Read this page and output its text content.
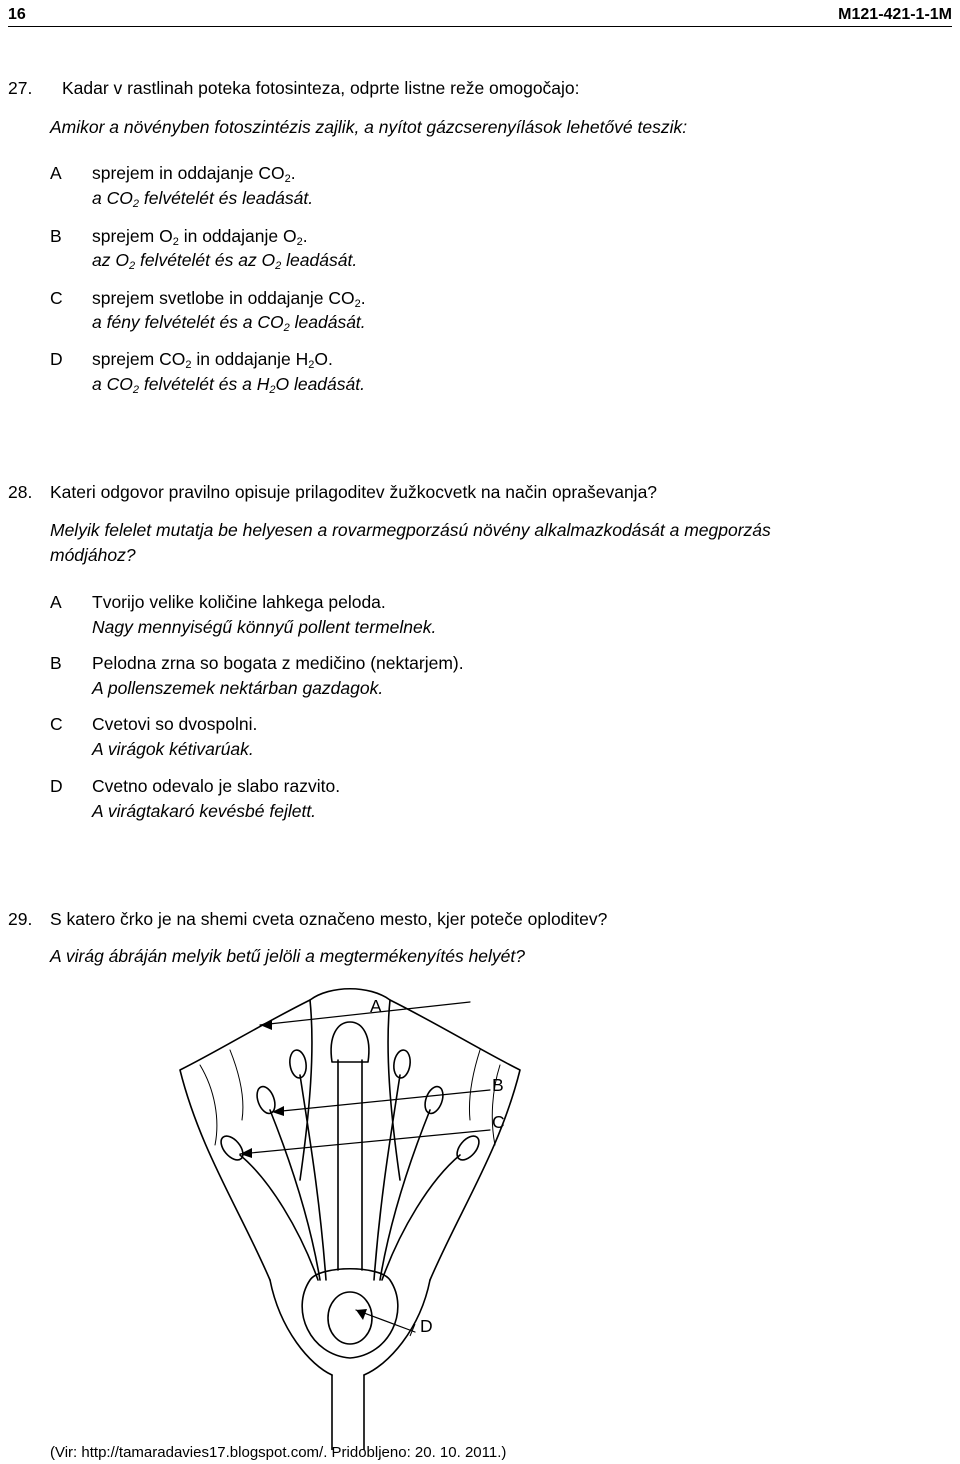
16	M121-421-1-1M
27. Kadar v rastlinah poteka fotosinteza, odprte listne reže omogočajo:
Amikor a növényben fotoszintézis zajlik, a nyítot gázcserenyílások lehetővé teszik:
A sprejem in oddajanje $CO_2$.
a $CO_2$ felvételét és leadását.
B sprejem $O_2$ in oddajanje $O_2$.
az $O_2$ felvételét és az $O_2$ leadását.
C sprejem svetlobe in oddajanje $CO_2$.
a fény felvételét és a $CO_2$ leadását.
D sprejem $CO_2$ in oddajanje $H_2O$.
a $CO_2$ felvételét és a $H_2O$ leadását.
28. Kateri odgovor pravilno opisuje prilagoditev žužkocvetk na način opraševanja?
Melyik felelet mutatja be helyesen a rovarmegporzású növény alkalmazkodását a megporzás
módjához?
A Tvorijo velike količine lahkega peloda.
Nagy mennyiségű könnyű pollent termelnek.
B Pelodna zrna so bogata z medičino (nektarjem).
A pollenszemek nektárban gazdagok.
C Cvetovi so dvospolni.
A virágok kétivarúak.
D Cvetno odevalo je slabo razvito.
A virágtakaró kevésbé fejlett.
29. S katero črko je na shemi cveta označeno mesto, kjer poteče oploditev?
A virág ábráján melyik betű jelöli a megtermékenyítés helyét?
A
B
C
D
(Vir: http://tamaradavies17.blogspot.com/. Pridobljeno: 20. 10. 2011.)
